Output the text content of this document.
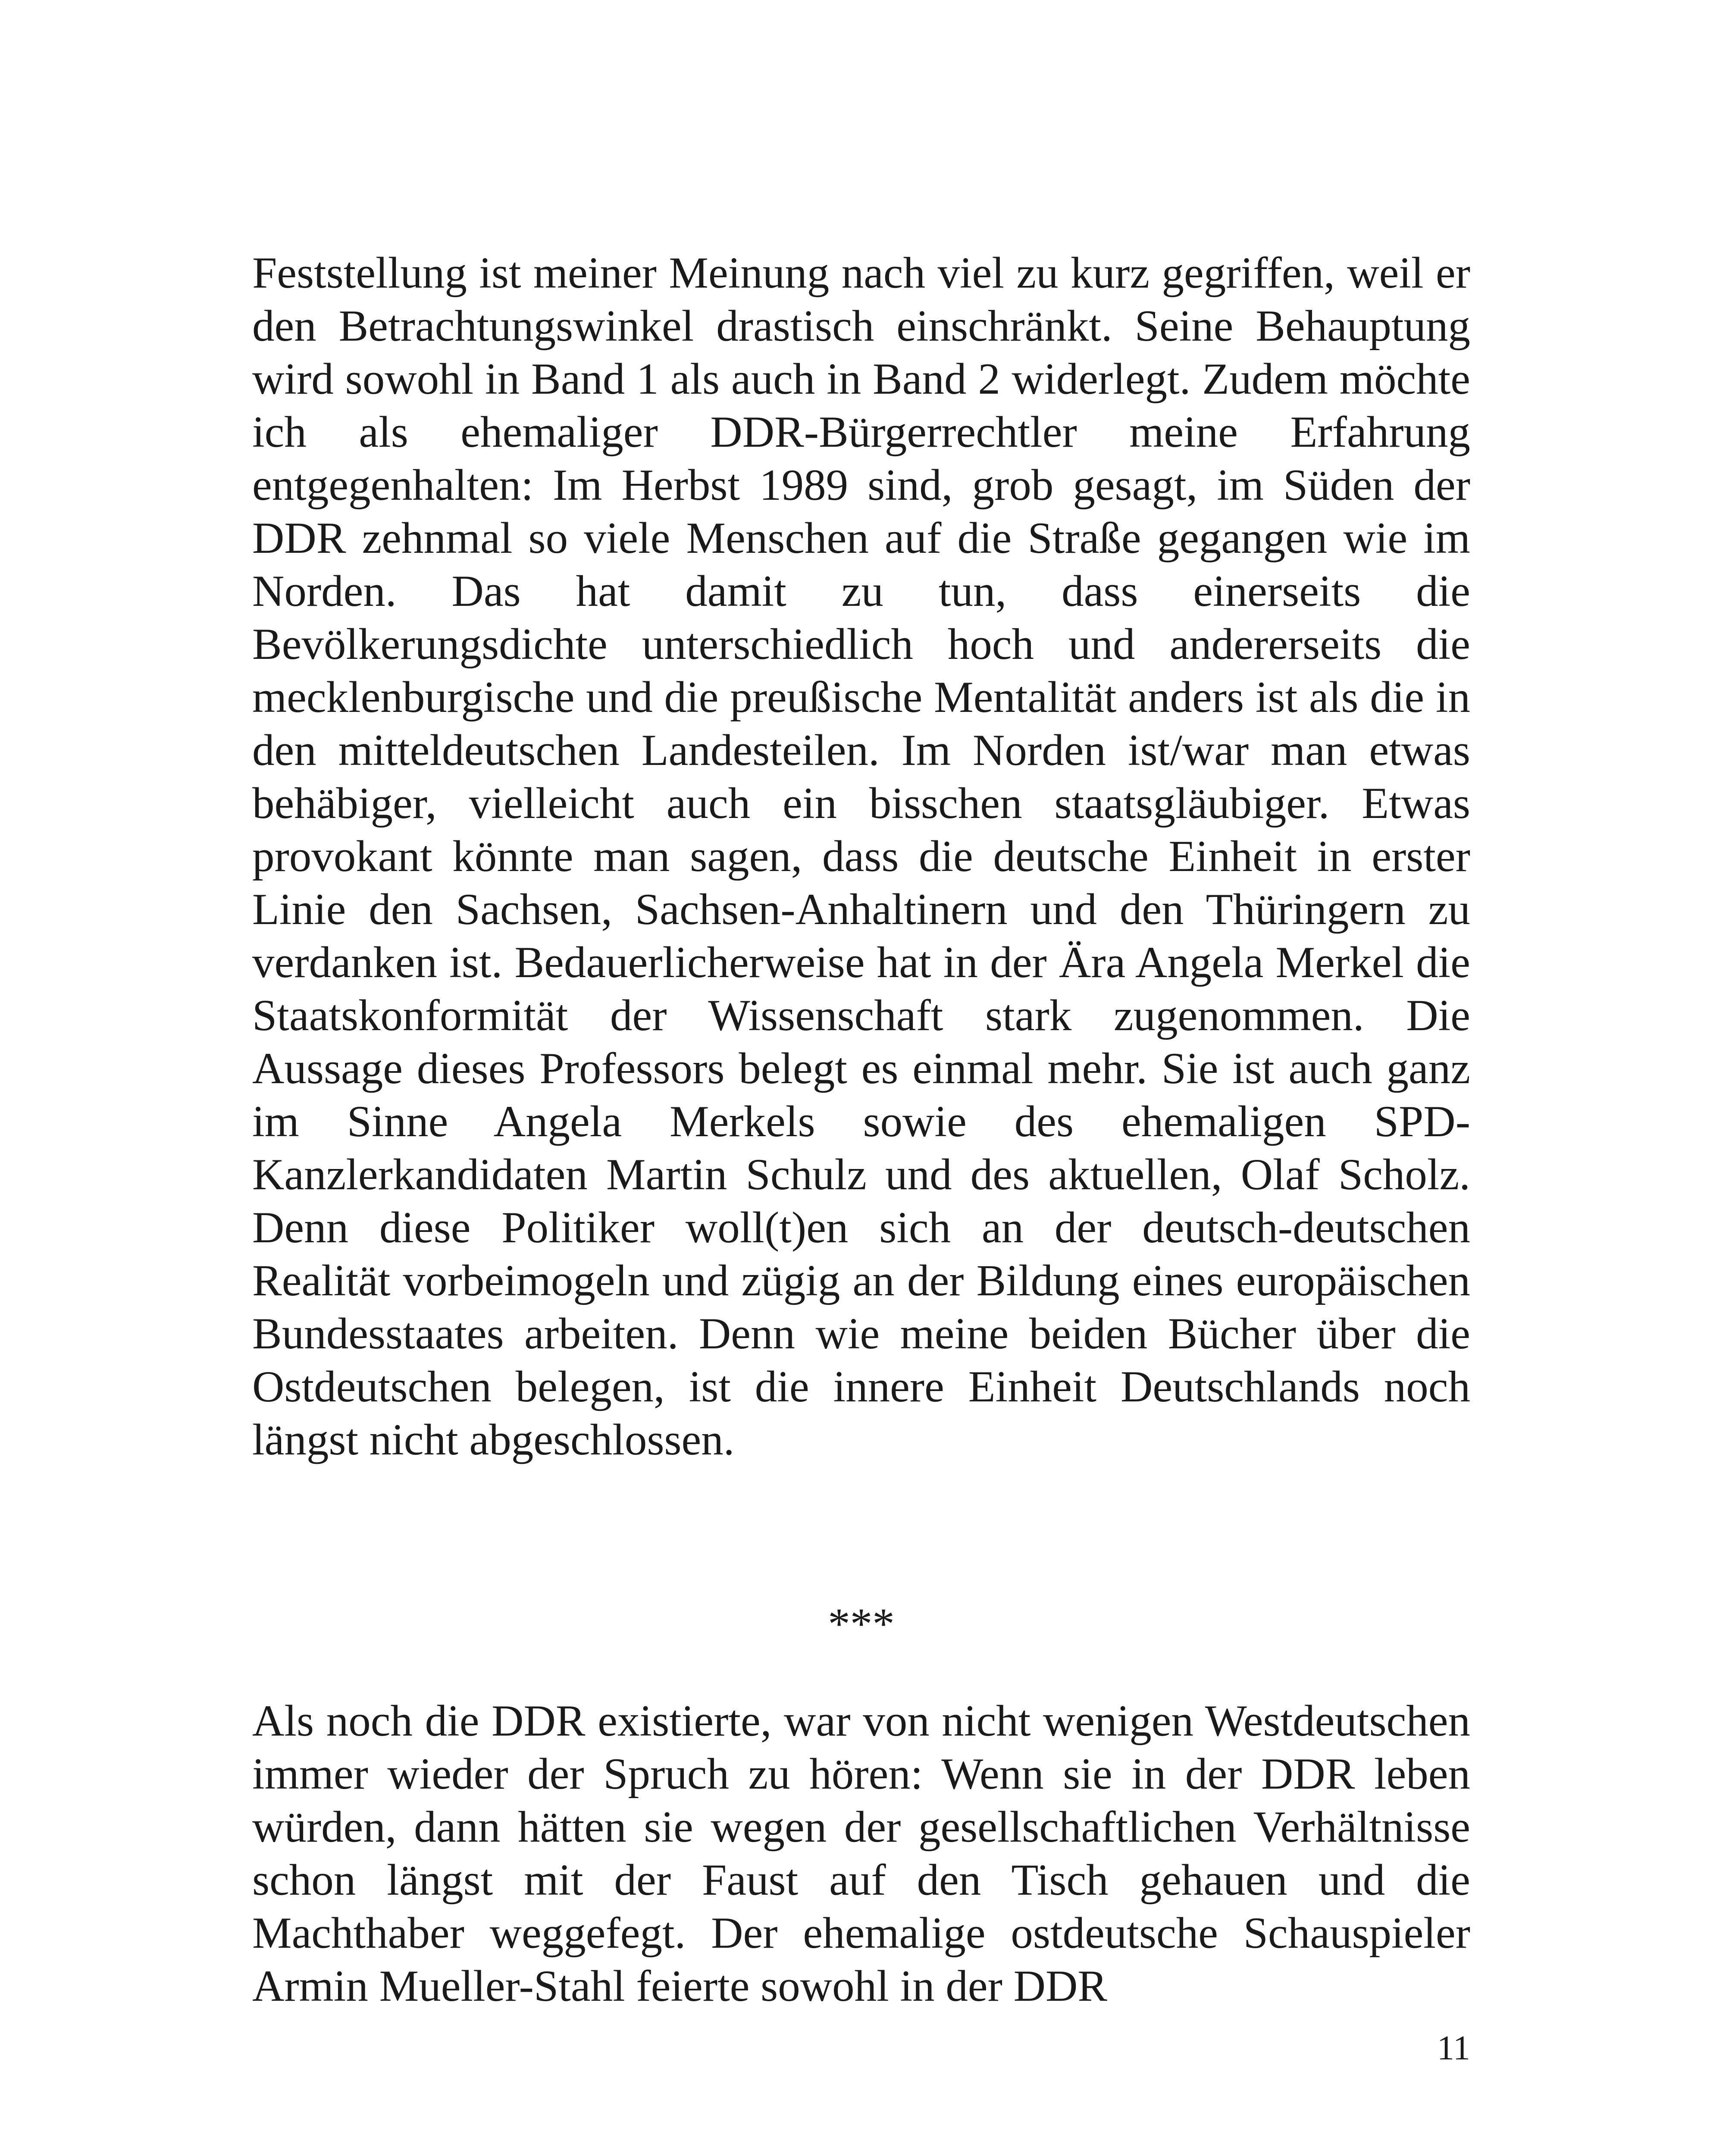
Feststellung ist meiner Meinung nach viel zu kurz gegriffen, weil er den Betrachtungswinkel drastisch einschränkt. Seine Behauptung wird sowohl in Band 1 als auch in Band 2 widerlegt. Zudem möchte ich als ehemaliger DDR-Bürgerrechtler meine Erfahrung entgegenhalten: Im Herbst 1989 sind, grob gesagt, im Süden der DDR zehnmal so viele Menschen auf die Straße gegangen wie im Norden. Das hat damit zu tun, dass einerseits die Bevölkerungsdichte unterschiedlich hoch und andererseits die mecklenburgische und die preußische Mentalität anders ist als die in den mitteldeutschen Landesteilen. Im Norden ist/war man etwas behäbiger, vielleicht auch ein bisschen staatsgläubiger. Etwas provokant könnte man sagen, dass die deutsche Einheit in erster Linie den Sachsen, Sachsen-Anhaltinern und den Thüringern zu verdanken ist. Bedauerlicherweise hat in der Ära Angela Merkel die Staatskonformität der Wissenschaft stark zugenommen. Die Aussage dieses Professors belegt es einmal mehr. Sie ist auch ganz im Sinne Angela Merkels sowie des ehemaligen SPD-Kanzlerkandidaten Martin Schulz und des aktuellen, Olaf Scholz. Denn diese Politiker woll(t)en sich an der deutsch-deutschen Realität vorbeimogeln und zügig an der Bildung eines europäischen Bundesstaates arbeiten. Denn wie meine beiden Bücher über die Ostdeutschen belegen, ist die innere Einheit Deutschlands noch längst nicht abgeschlossen.

***

Als noch die DDR existierte, war von nicht wenigen Westdeutschen immer wieder der Spruch zu hören: Wenn sie in der DDR leben würden, dann hätten sie wegen der gesellschaftlichen Verhältnisse schon längst mit der Faust auf den Tisch gehauen und die Machthaber weggefegt. Der ehemalige ostdeutsche Schauspieler Armin Mueller-Stahl feierte sowohl in der DDR

11
